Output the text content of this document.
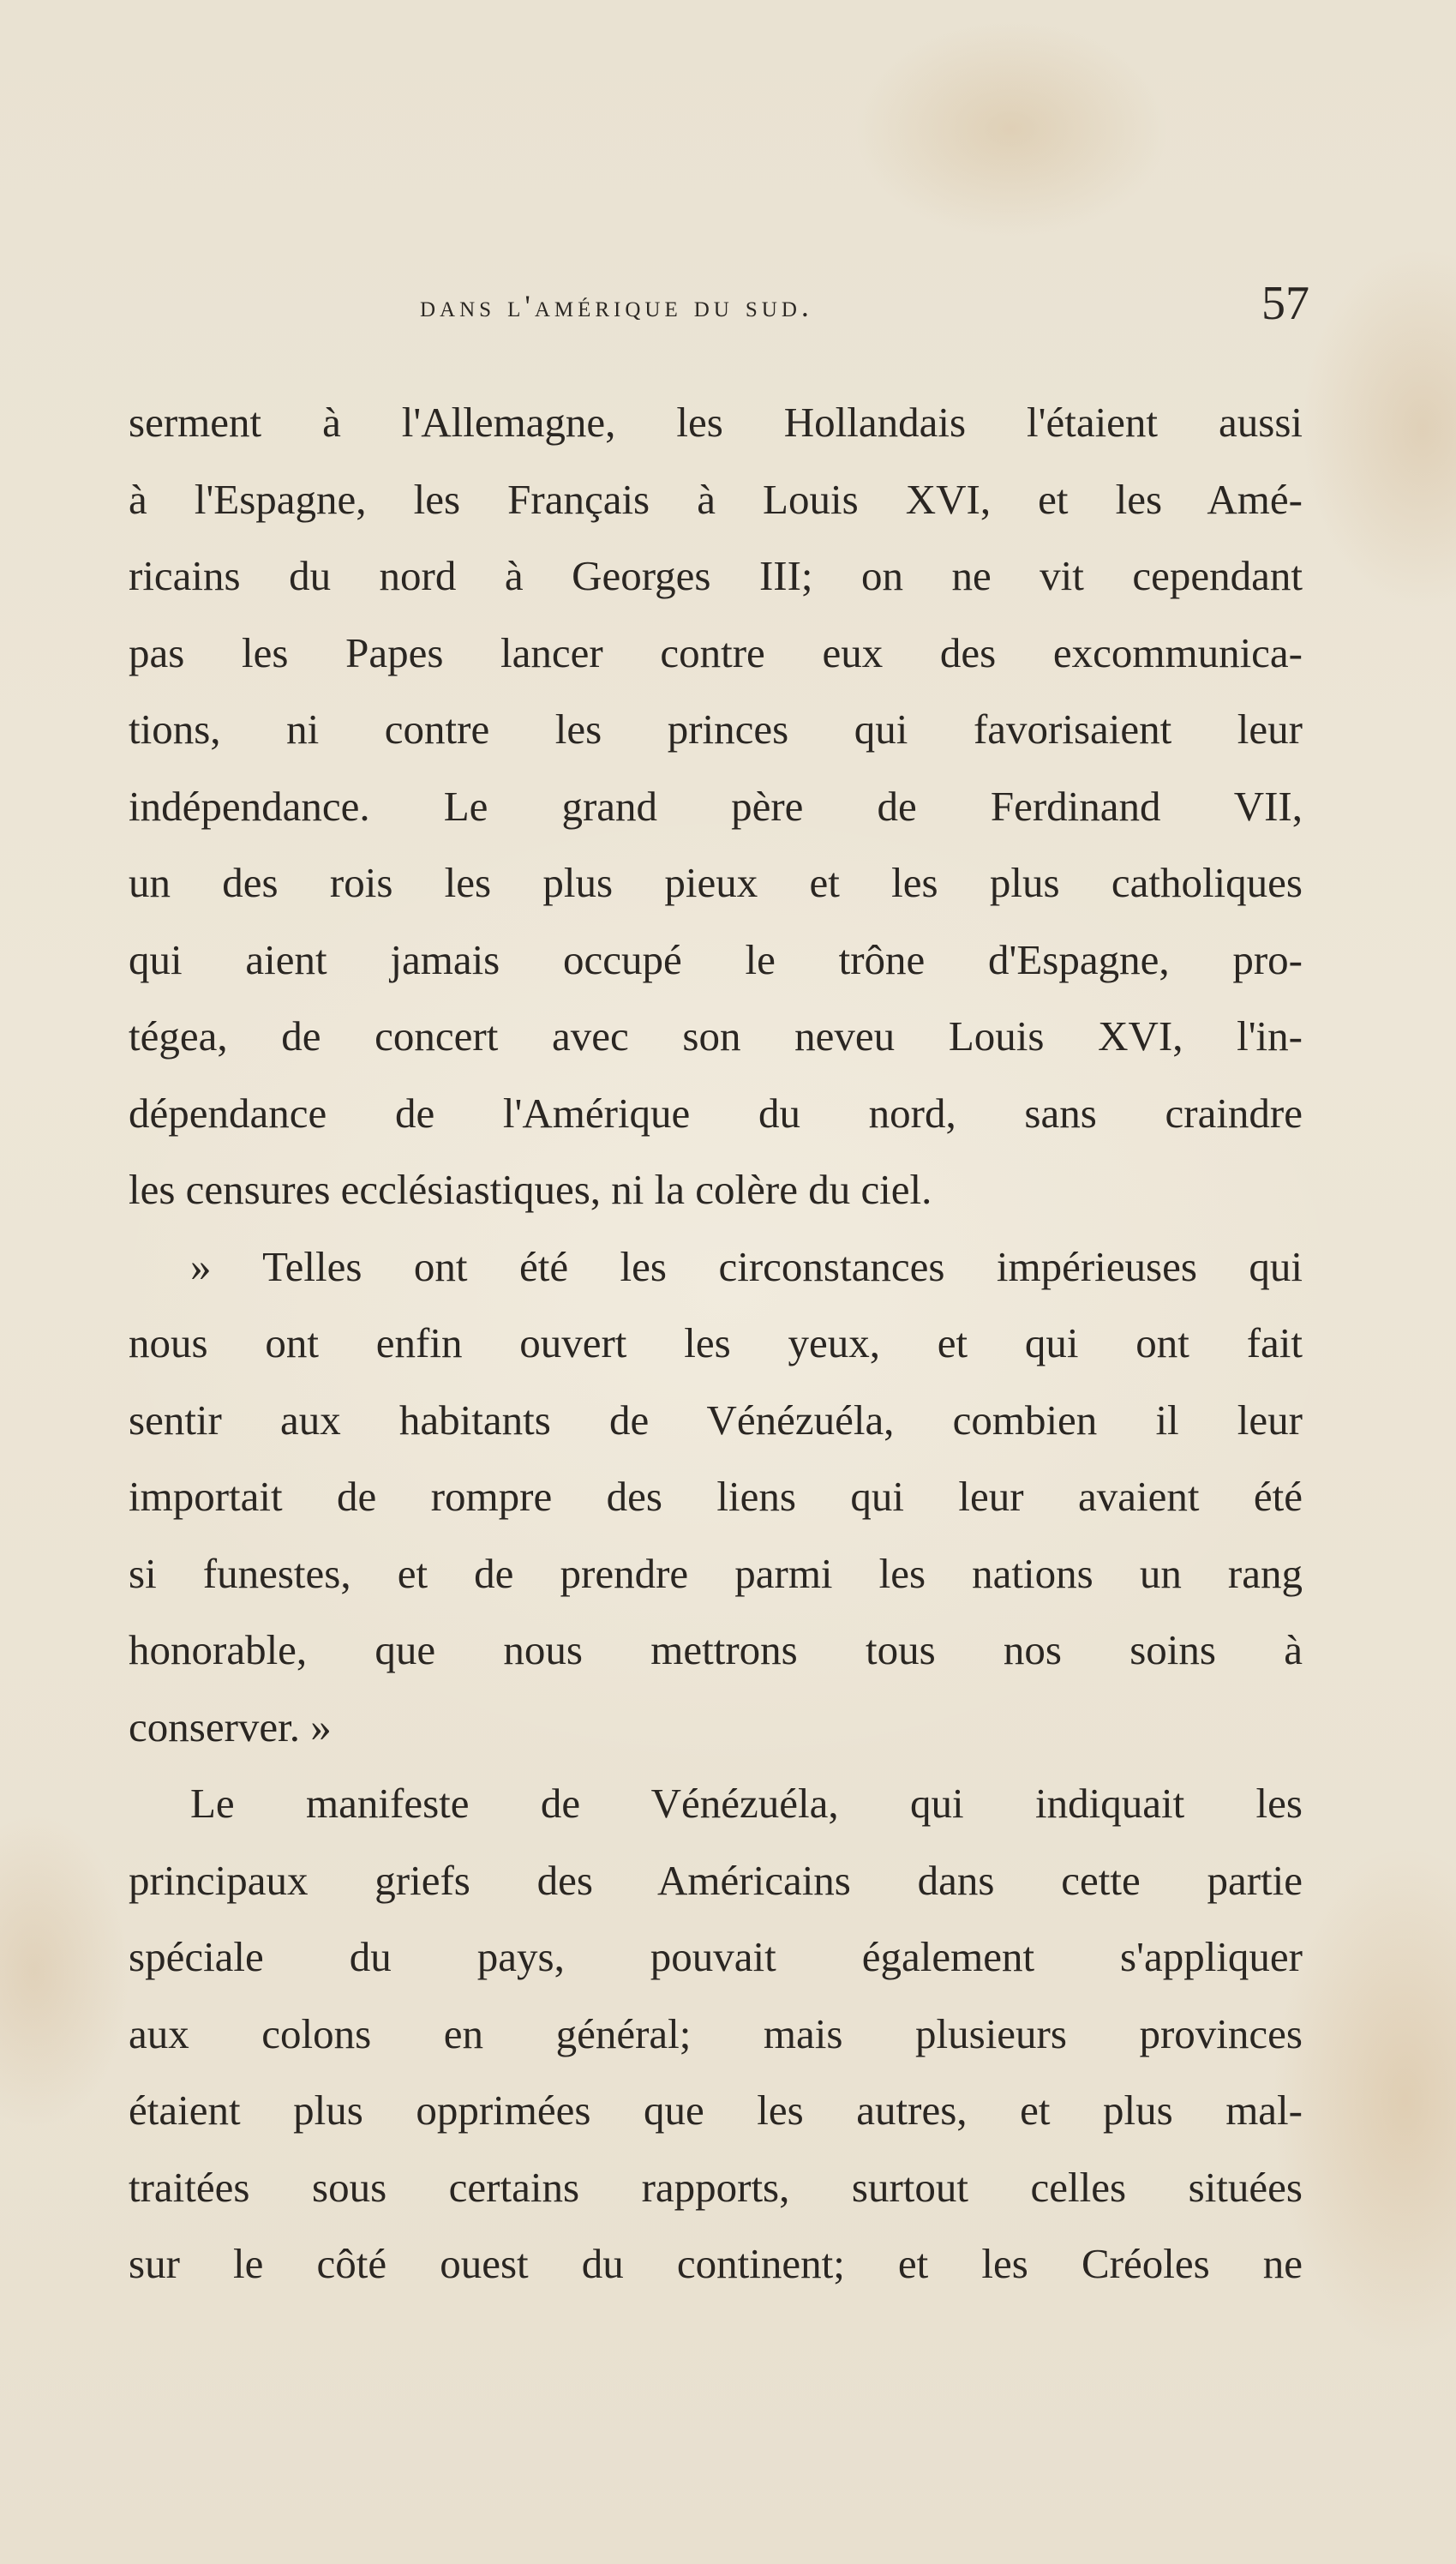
dans l'amérique du sud.	57

serment à l'Allemagne, les Hollandais l'étaient aussi
à l'Espagne, les Français à Louis XVI, et les Amé-
ricains du nord à Georges III; on ne vit cependant
pas les Papes lancer contre eux des excommunica-
tions, ni contre les princes qui favorisaient leur
indépendance. Le grand père de Ferdinand VII,
un des rois les plus pieux et les plus catholiques
qui aient jamais occupé le trône d'Espagne, pro-
tégea, de concert avec son neveu Louis XVI, l'in-
dépendance de l'Amérique du nord, sans craindre
les censures ecclésiastiques, ni la colère du ciel.

» Telles ont été les circonstances impérieuses qui
nous ont enfin ouvert les yeux, et qui ont fait
sentir aux habitants de Vénézuéla, combien il leur
importait de rompre des liens qui leur avaient été
si funestes, et de prendre parmi les nations un rang
honorable, que nous mettrons tous nos soins à
conserver. »

Le manifeste de Vénézuéla, qui indiquait les
principaux griefs des Américains dans cette partie
spéciale du pays, pouvait également s'appliquer
aux colons en général; mais plusieurs provinces
étaient plus opprimées que les autres, et plus mal-
traitées sous certains rapports, surtout celles situées
sur le côté ouest du continent; et les Créoles ne
